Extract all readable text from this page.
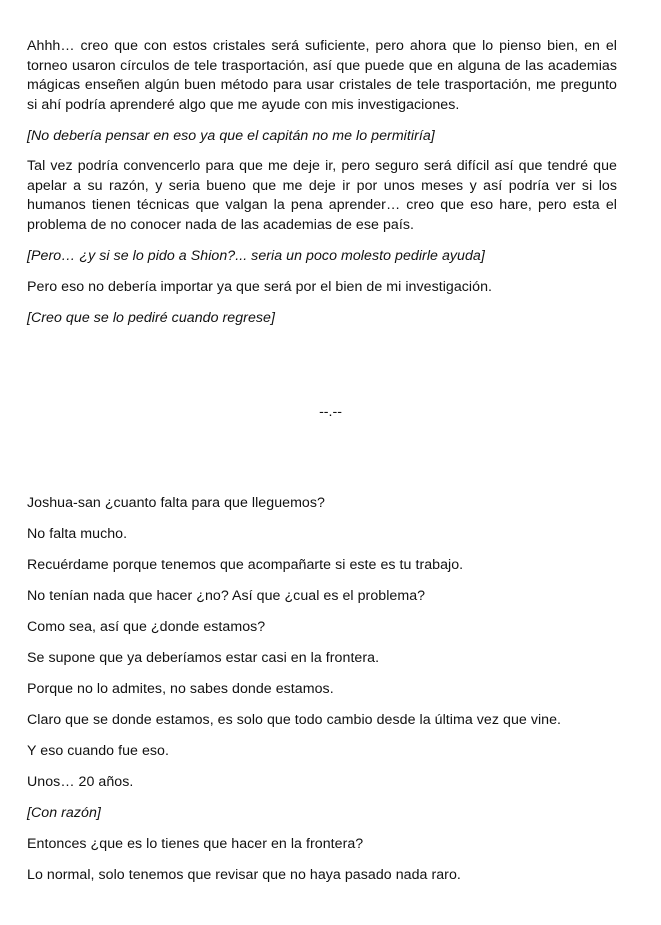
Ahhh… creo que con estos cristales será suficiente, pero ahora que lo pienso bien, en el torneo usaron círculos de tele trasportación, así que puede que en alguna de las academias mágicas enseñen algún buen método para usar cristales de tele trasportación, me pregunto si ahí podría aprenderé algo que me ayude con mis investigaciones.

[No debería pensar en eso ya que el capitán no me lo permitiría]

Tal vez podría convencerlo para que me deje ir, pero seguro será difícil así que tendré que apelar a su razón, y seria bueno que me deje ir por unos meses y así podría ver si los humanos tienen técnicas que valgan la pena aprender… creo que eso hare, pero esta el problema de no conocer nada de las academias de ese país.

[Pero… ¿y si se lo pido a Shion?... seria un poco molesto pedirle ayuda]

Pero eso no debería importar ya que será por el bien de mi investigación.

[Creo que se lo pediré cuando regrese]

--.--

Joshua-san ¿cuanto falta para que lleguemos?

No falta mucho.

Recuérdame porque tenemos que acompañarte si este es tu trabajo.

No tenían nada que hacer ¿no? Así que ¿cual es el problema?

Como sea, así que ¿donde estamos?

Se supone que ya deberíamos estar casi en la frontera.

Porque no lo admites, no sabes donde estamos.

Claro que se donde estamos, es solo que todo cambio desde la última vez que vine.

Y eso cuando fue eso.

Unos… 20 años.

[Con razón]

Entonces ¿que es lo tienes que hacer en la frontera?

Lo normal, solo tenemos que revisar que no haya pasado nada raro.
